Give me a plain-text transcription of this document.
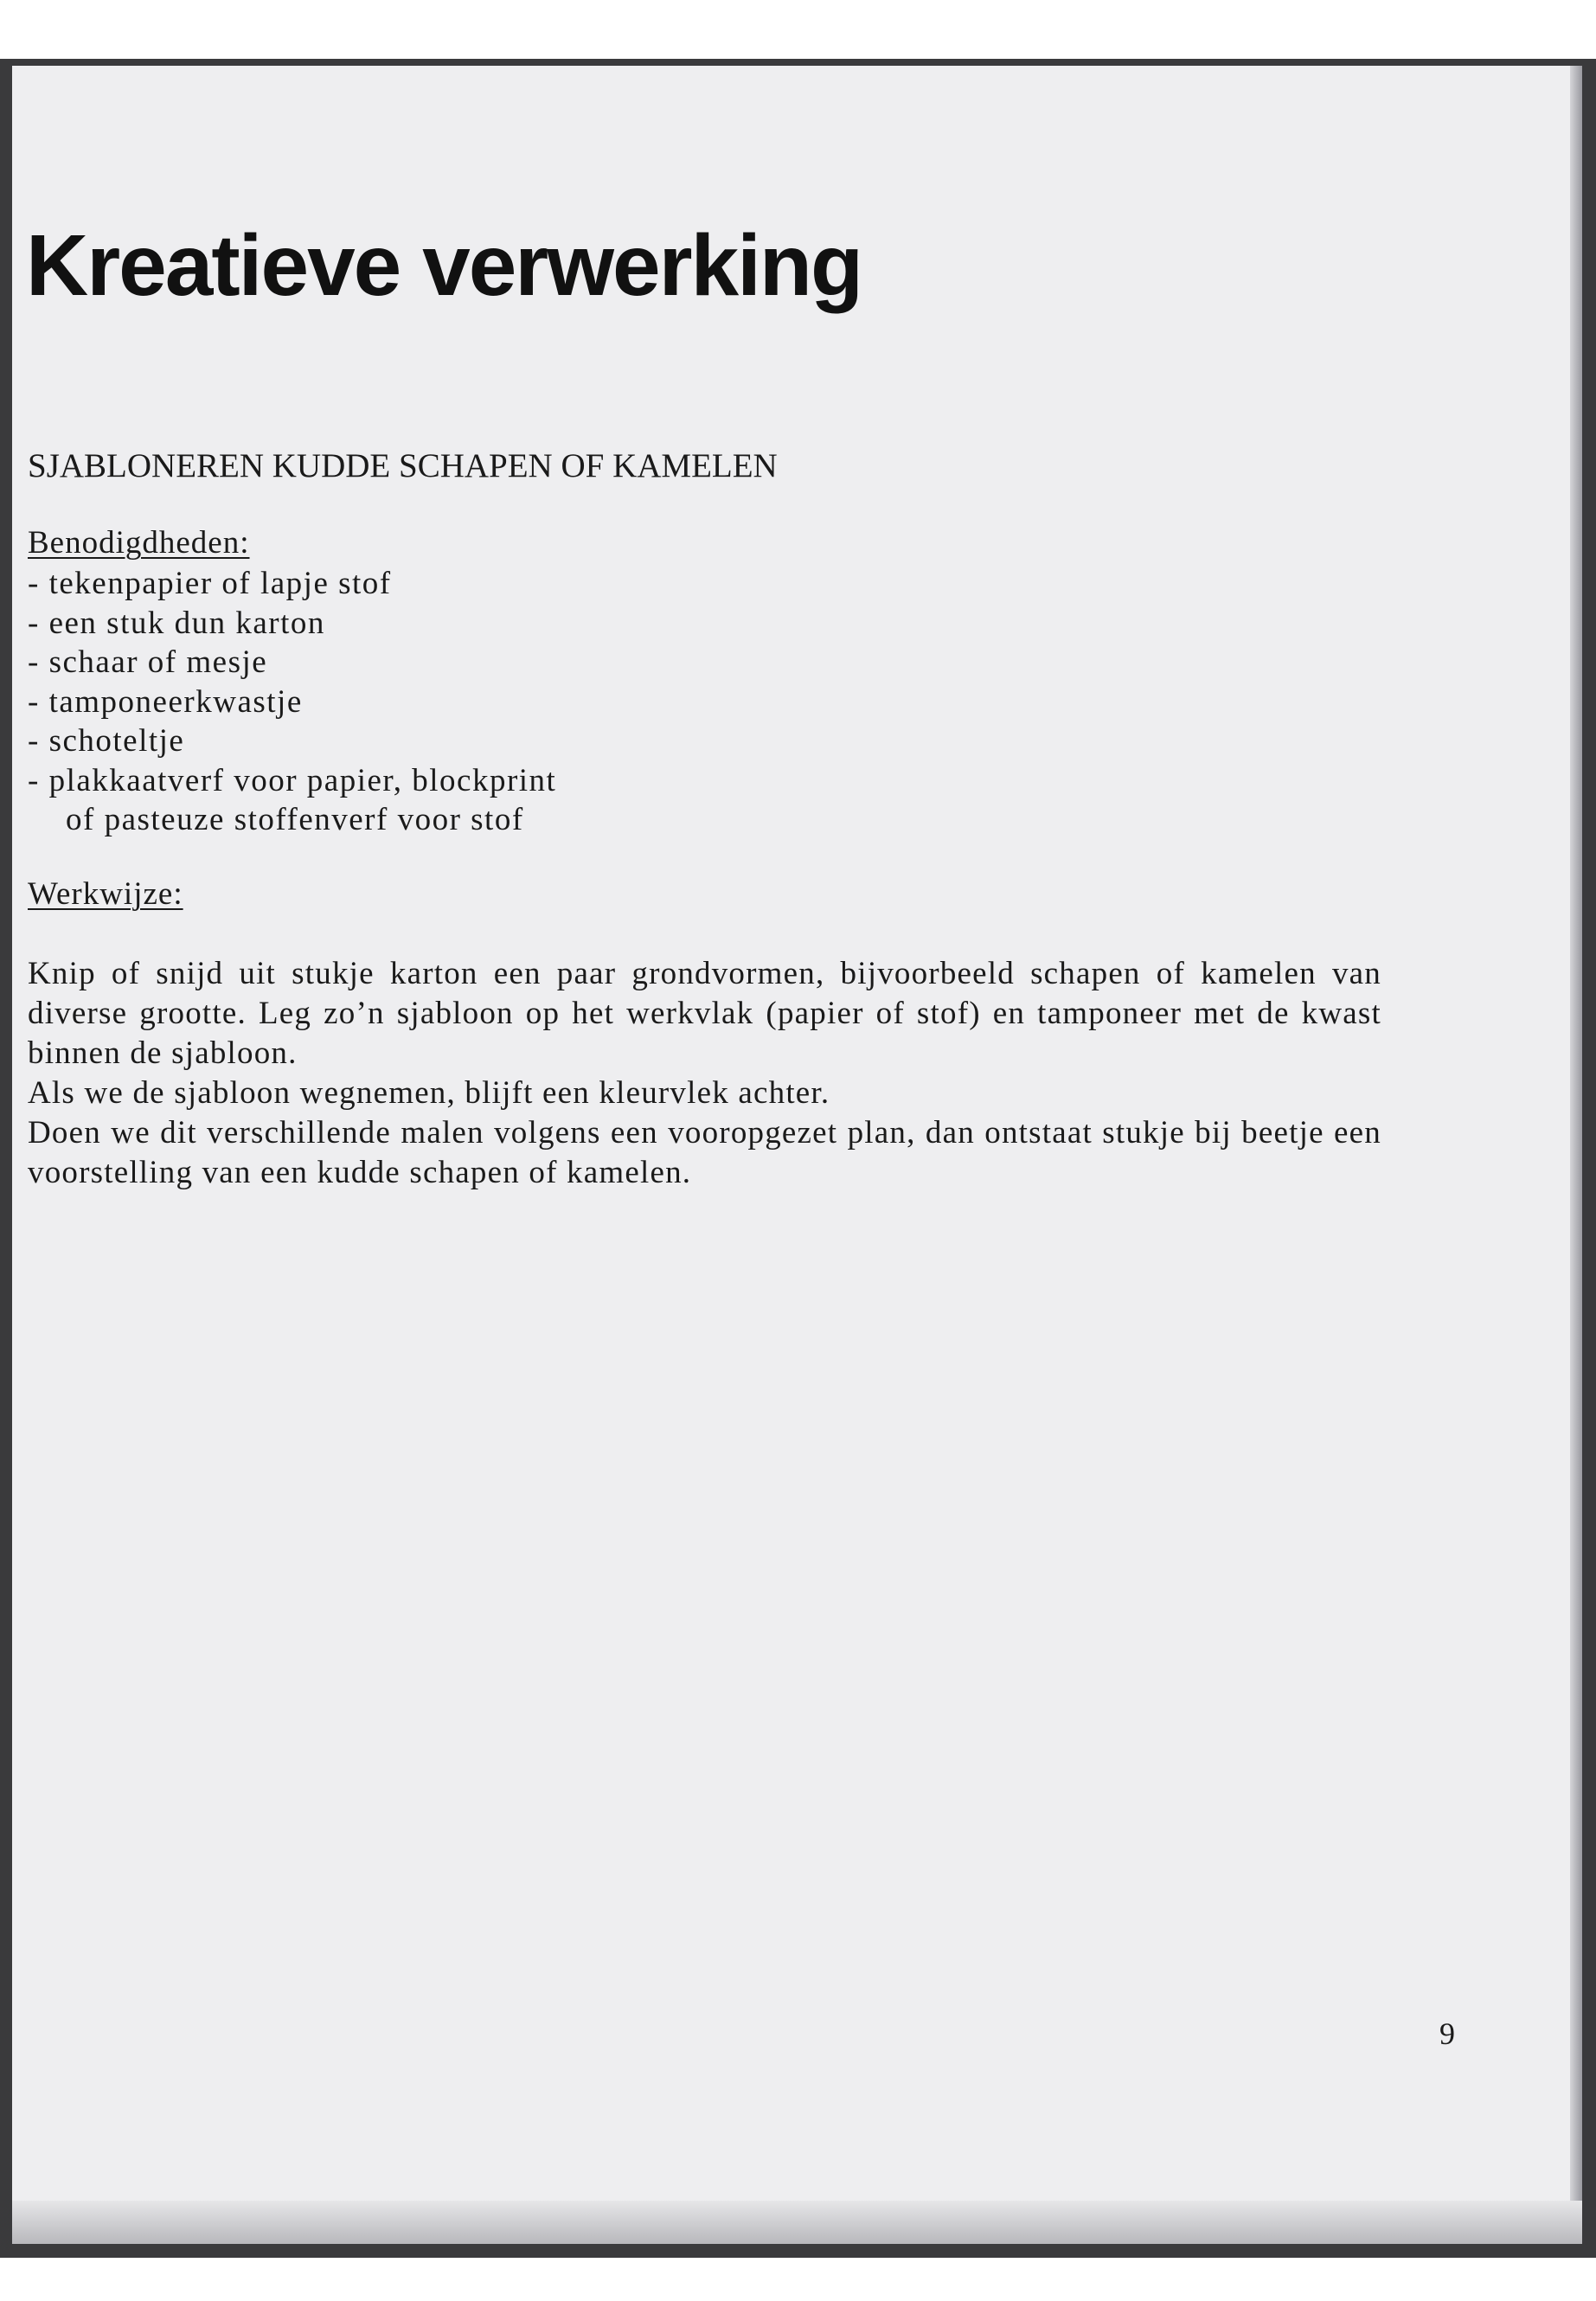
Kreatieve verwerking
SJABLONEREN KUDDE SCHAPEN OF KAMELEN
Benodigdheden:
- tekenpapier of lapje stof
- een stuk dun karton
- schaar of mesje
- tamponeerkwastje
- schoteltje
- plakkaatverf voor papier, blockprint
of pasteuze stoffenverf voor stof
Werkwijze:

Knip of snijd uit stukje karton een paar grondvormen, bijvoorbeeld schapen of kamelen van diverse grootte. Leg zo’n sjabloon op het werkvlak (papier of stof) en tamponeer met de kwast binnen de sjabloon.

Als we de sjabloon wegnemen, blijft een kleurvlek achter.

Doen we dit verschillende malen volgens een vooropgezet plan, dan ontstaat stukje bij beetje een voorstelling van een kudde schapen of kamelen.

9
